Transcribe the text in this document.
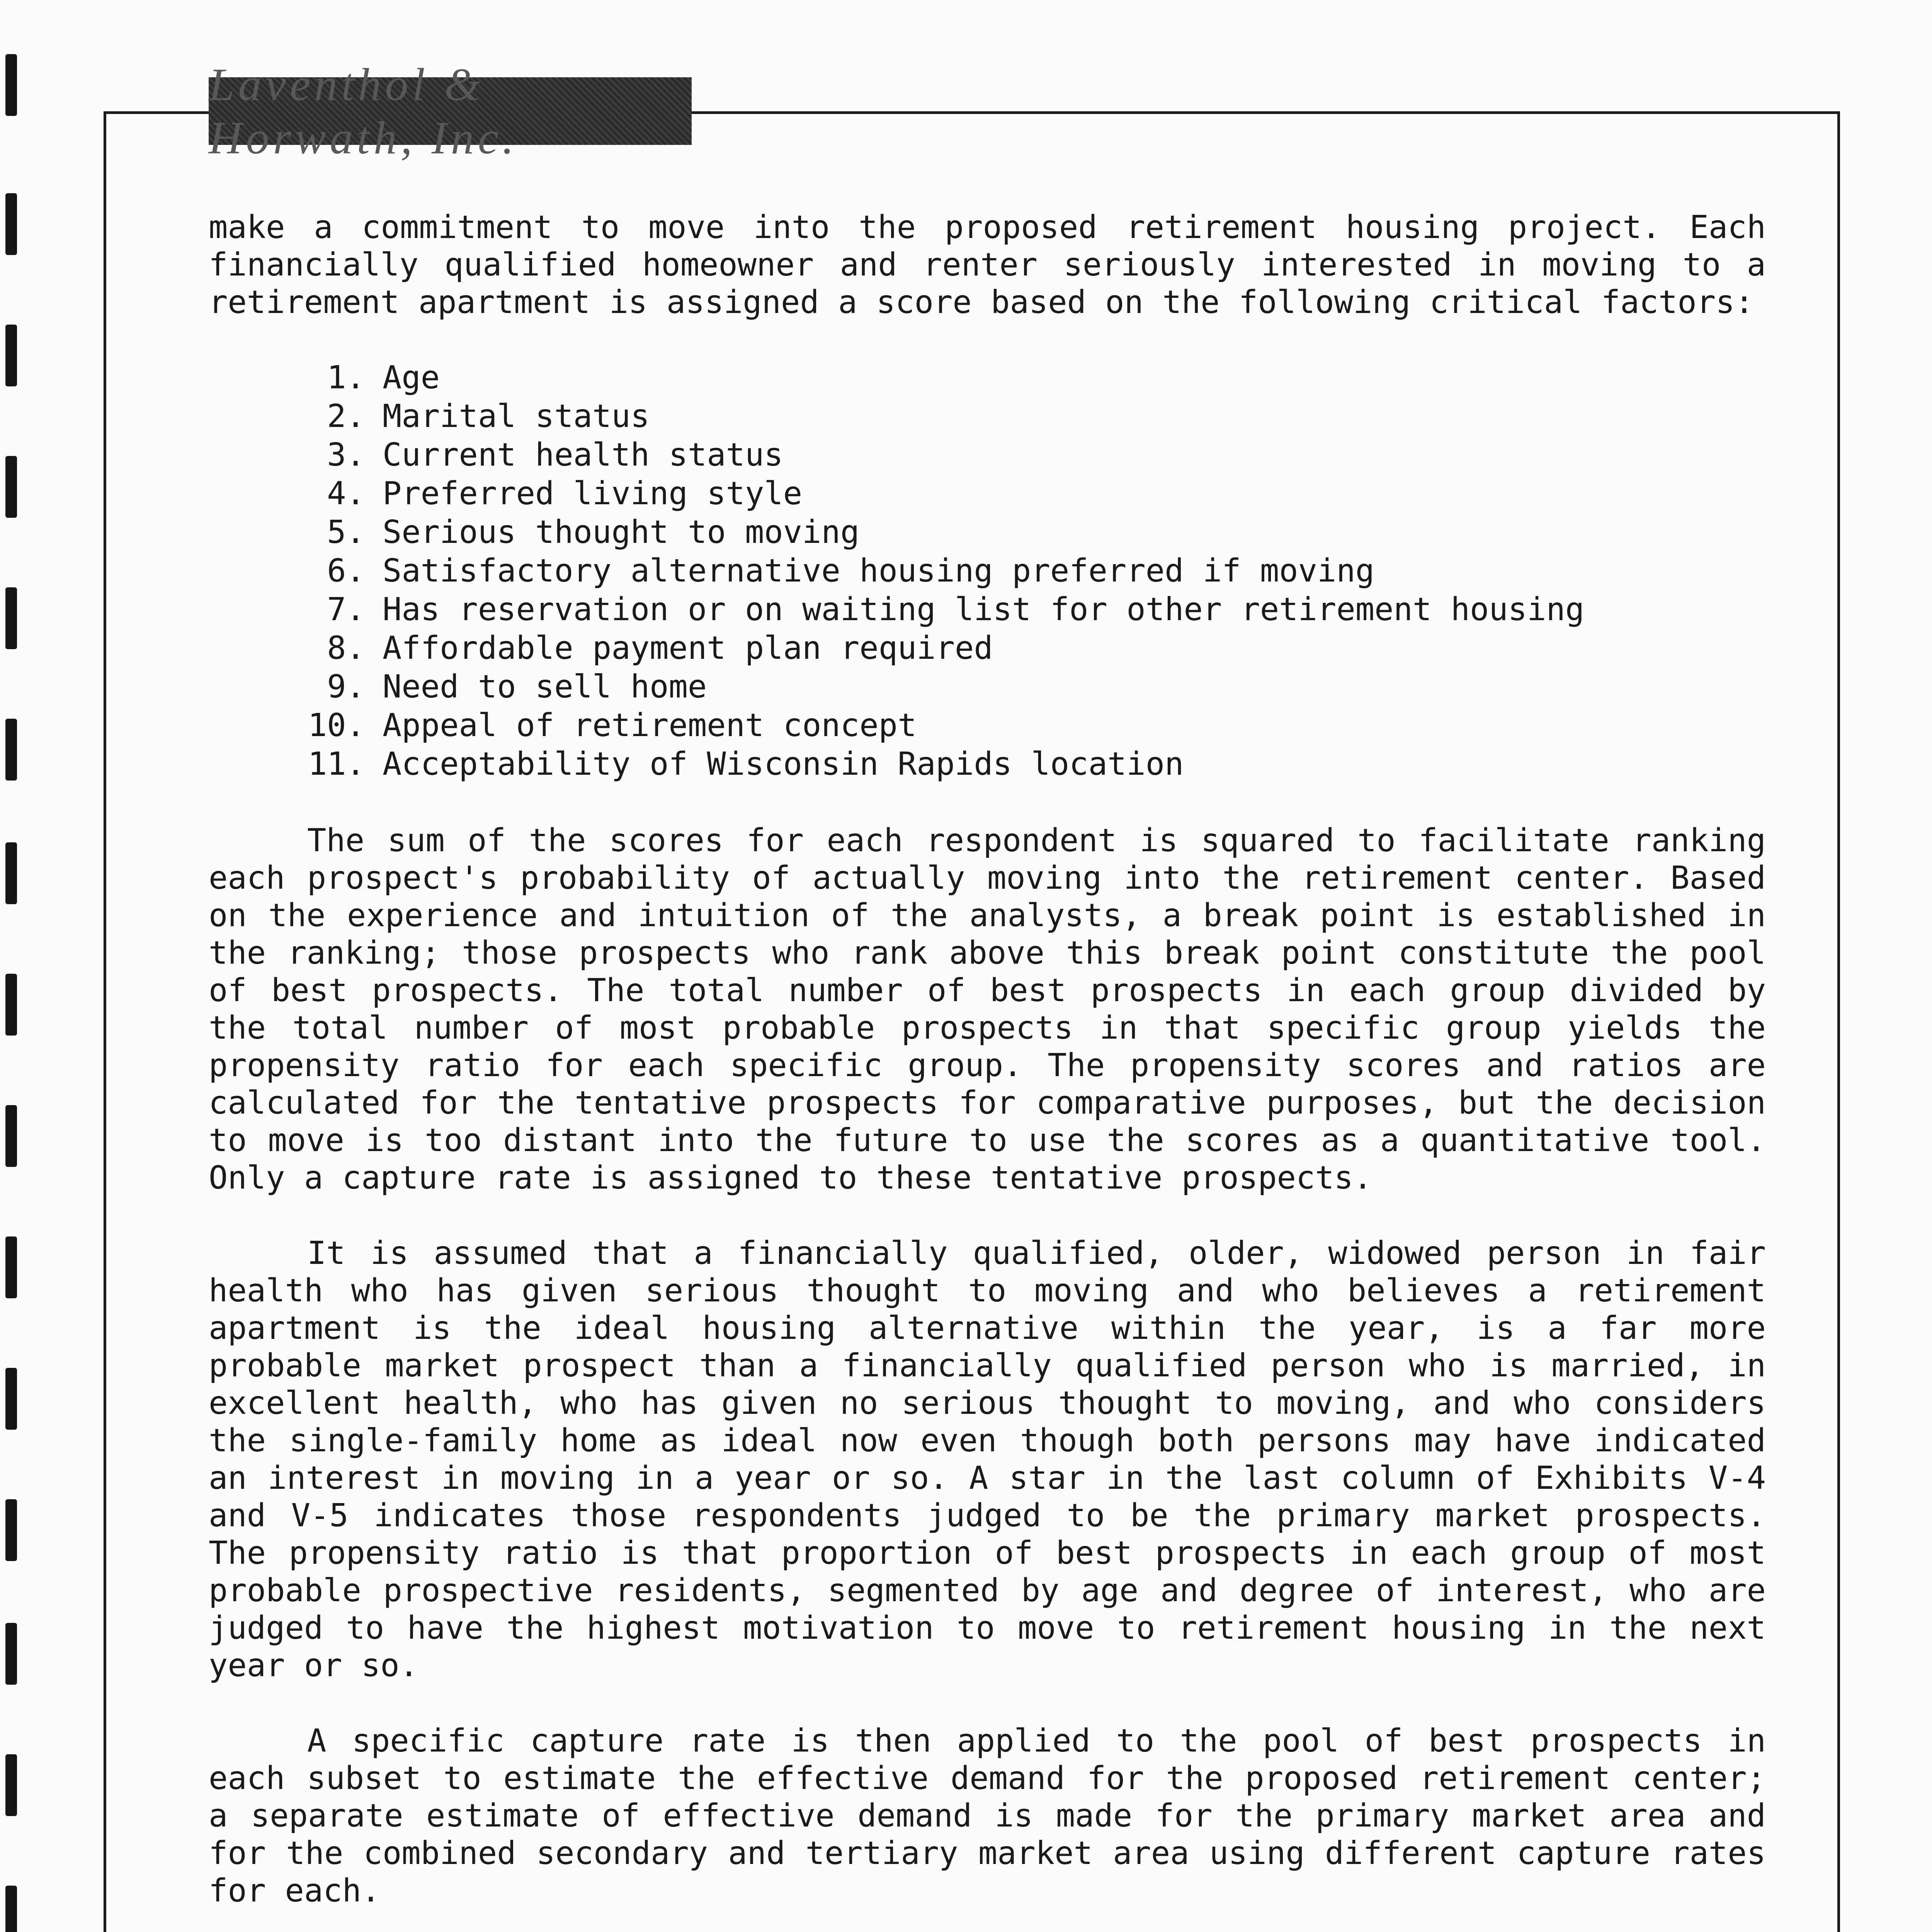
Laventhol & Horwath, Inc.

make a commitment to move into the proposed retirement housing project. Each financially qualified homeowner and renter seriously interested in moving to a retirement apartment is assigned a score based on the following critical factors:

1. Age
2. Marital status
3. Current health status
4. Preferred living style
5. Serious thought to moving
6. Satisfactory alternative housing preferred if moving
7. Has reservation or on waiting list for other retirement housing
8. Affordable payment plan required
9. Need to sell home
10. Appeal of retirement concept
11. Acceptability of Wisconsin Rapids location

The sum of the scores for each respondent is squared to facilitate ranking each prospect's probability of actually moving into the retirement center. Based on the experience and intuition of the analysts, a break point is established in the ranking; those prospects who rank above this break point constitute the pool of best prospects. The total number of best prospects in each group divided by the total number of most probable prospects in that specific group yields the propensity ratio for each specific group. The propensity scores and ratios are calculated for the tentative prospects for comparative purposes, but the decision to move is too distant into the future to use the scores as a quantitative tool. Only a capture rate is assigned to these tentative prospects.

It is assumed that a financially qualified, older, widowed person in fair health who has given serious thought to moving and who believes a retirement apartment is the ideal housing alternative within the year, is a far more probable market prospect than a financially qualified person who is married, in excellent health, who has given no serious thought to moving, and who considers the single-family home as ideal now even though both persons may have indicated an interest in moving in a year or so. A star in the last column of Exhibits V-4 and V-5 indicates those respondents judged to be the primary market prospects. The propensity ratio is that proportion of best prospects in each group of most probable prospective residents, segmented by age and degree of interest, who are judged to have the highest motivation to move to retirement housing in the next year or so.

A specific capture rate is then applied to the pool of best prospects in each subset to estimate the effective demand for the proposed retirement center; a separate estimate of effective demand is made for the primary market area and for the combined secondary and tertiary market area using different capture rates for each.
